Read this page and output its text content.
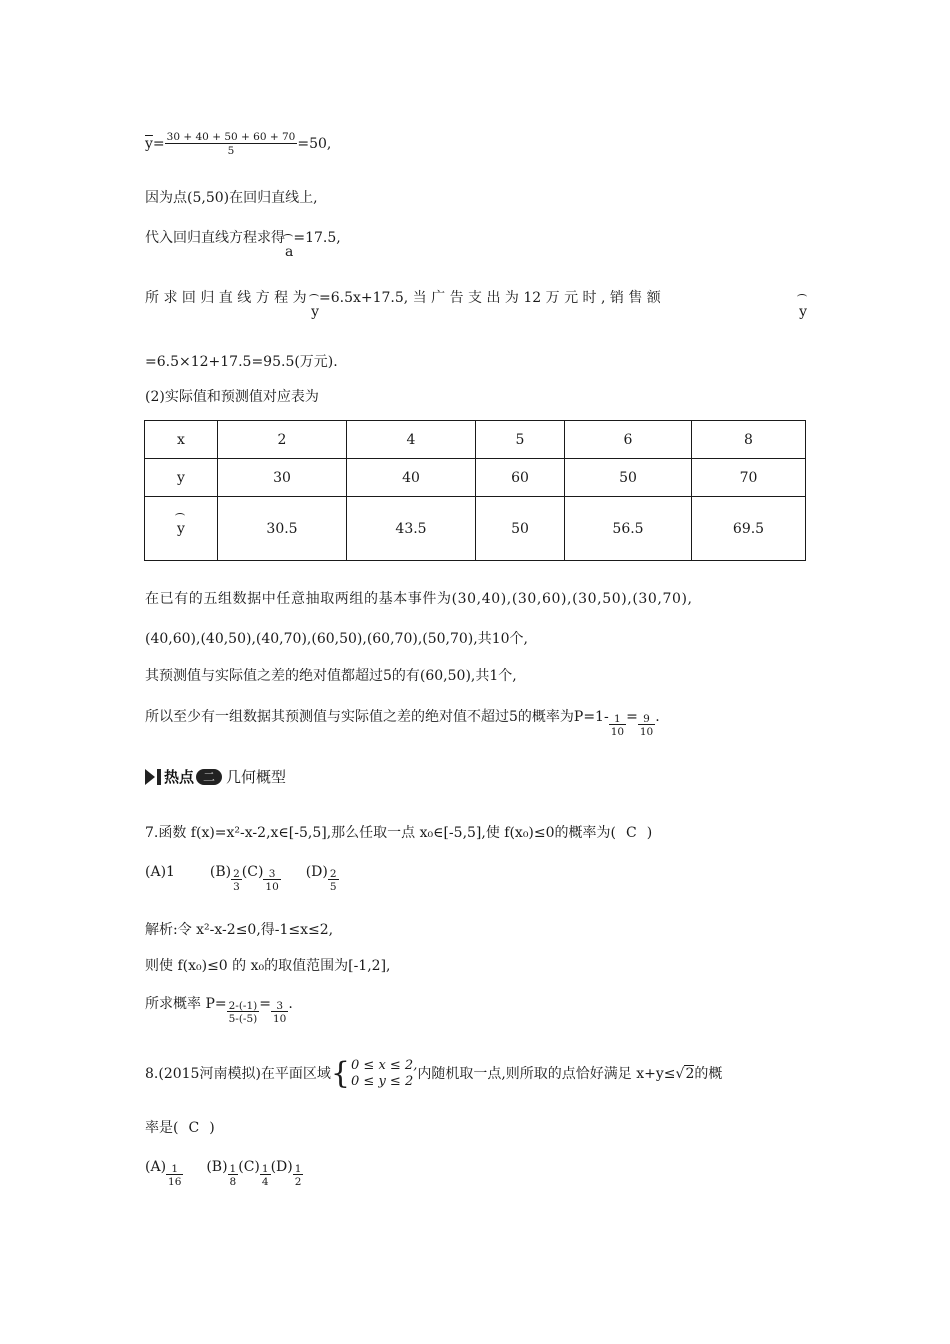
$\overline{y}= \frac{30 + 40 + 50 + 60 + 70}{5} =50$,
因为点(5,50)在回归直线上,
代入回归直线方程求得a=17.5,
所 求 回 归 直 线 方 程 为 y=6.5x+17.5, 当 广 告 支 出 为 12 万 元 时 , 销 售 额
y
=6.5×12+17.5=95.5(万元).
(2)实际值和预测值对应表为
x	2	4	5	6	8
y	30	40	60	50	70
y	30.5	43.5	50	56.5	69.5
在已有的五组数据中任意抽取两组的基本事件为(30,40),(30,60),(30,50),(30,70),
(40,60),(40,50),(40,70),(60,50),(60,70),(50,70),共10个,
其预测值与实际值之差的绝对值都超过5的有(60,50),共1个,
所以至少有一组数据其预测值与实际值之差的绝对值不超过5的概率为$P=1- \frac{1}{10} = \frac{9}{10}$ .
热点 二 几何概型
7.函数 f(x)=x²-x-2,x∈[-5,5],那么任取一点 x₀∈[-5,5],使 f(x₀)≤0的概率为( C )
(A)1 $(B) \frac{2}{3} (C) \frac{3}{10} (D) \frac{2}{5}$
解析:令 x²-x-2≤0,得-1≤x≤2,
则使 f(x₀)≤0 的 x₀的取值范围为[-1,2],
所求概率 $P= \frac{2-(-1)}{5-(-5)} = \frac{3}{10}$ .
8.(2015河南模拟)在平面区域{ 0 ≤ x ≤ 2,
0 ≤ y ≤ 2 内随机取一点,则所取的点恰好满足 x+y≤√2的概
率是( C )
$(A) \frac{1}{16} (B) \frac{1}{8} (C) \frac{1}{4} (D) \frac{1}{2}$
